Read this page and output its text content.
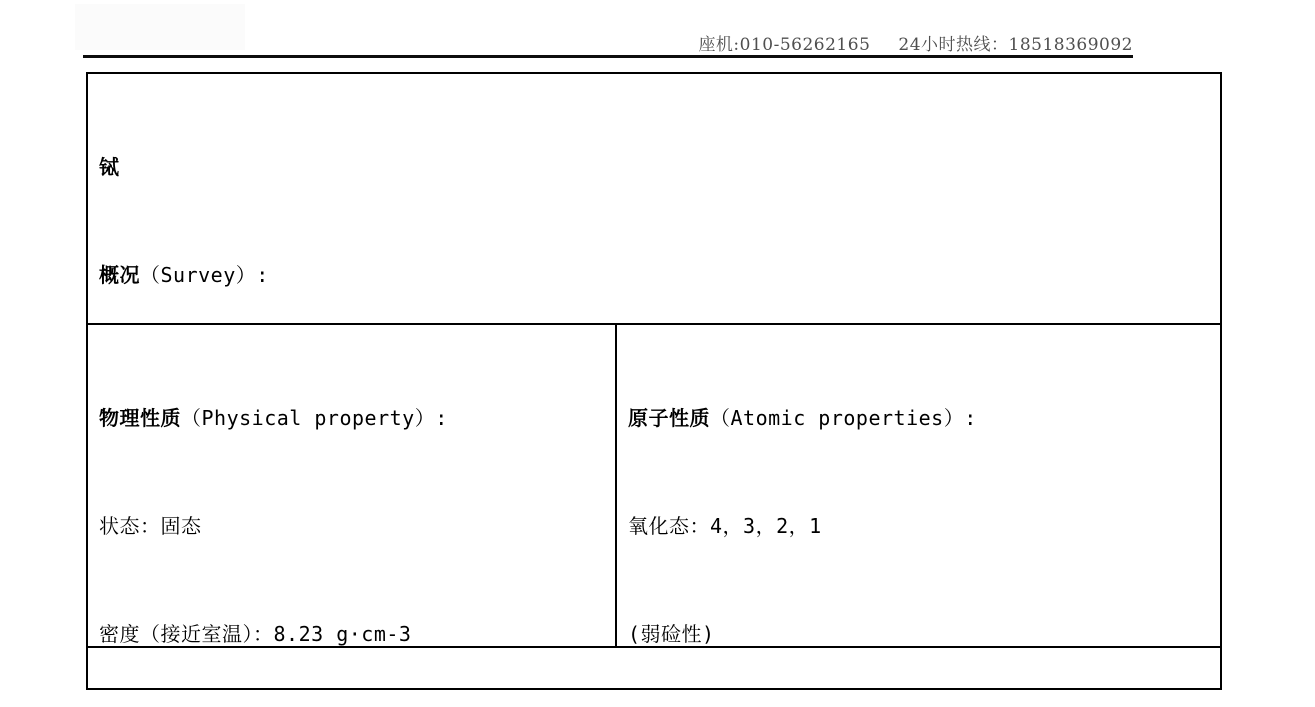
座机:010-56262165 24小时热线：18518369092

铽

概况（Survey）:

物理性质（Physical property）:

状态：固态

密度（接近室温）：8.23 g·cm-3

原子性质（Atomic properties）:

氧化态：4，3，2，1

(弱硷性)
